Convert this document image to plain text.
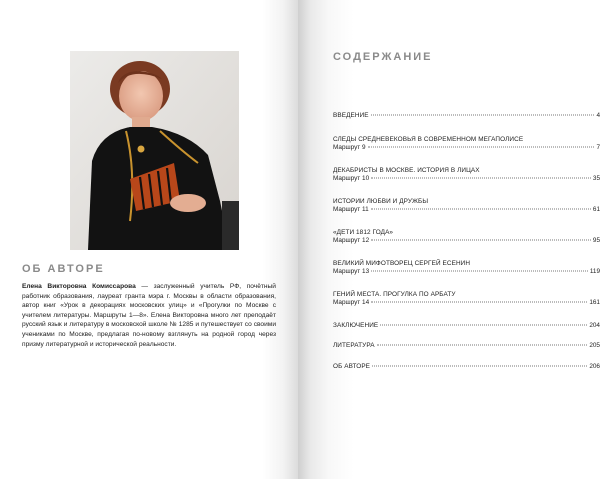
ОБ АВТОРЕ

Елена Викторовна Комиссарова — заслуженный учитель РФ, почётный работник образования, лауреат гранта мэра г. Москвы в области образования, автор книг «Урок в декорациях московских улиц» и «Прогулки по Москве с учителем литературы. Маршруты 1—8». Елена Викторовна много лет преподаёт русский язык и литературу в московской школе № 1285 и путешествует со своими учениками по Москве, предлагая по-новому взглянуть на родной город через призму литературной и исторической реальности.

СОДЕРЖАНИЕ
ВВЕДЕНИЕ	4
СЛЕДЫ СРЕДНЕВЕКОВЬЯ В СОВРЕМЕННОМ МЕГАПОЛИСЕ
Маршрут 9	7
ДЕКАБРИСТЫ В МОСКВЕ. ИСТОРИЯ В ЛИЦАХ
Маршрут 10	35
ИСТОРИИ ЛЮБВИ И ДРУЖБЫ
Маршрут 11	61
«ДЕТИ 1812 ГОДА»
Маршрут 12	95
ВЕЛИКИЙ МИФОТВОРЕЦ СЕРГЕЙ ЕСЕНИН
Маршрут 13	119
ГЕНИЙ МЕСТА. ПРОГУЛКА ПО АРБАТУ
Маршрут 14	161
ЗАКЛЮЧЕНИЕ	204
ЛИТЕРАТУРА	205
ОБ АВТОРЕ	206
